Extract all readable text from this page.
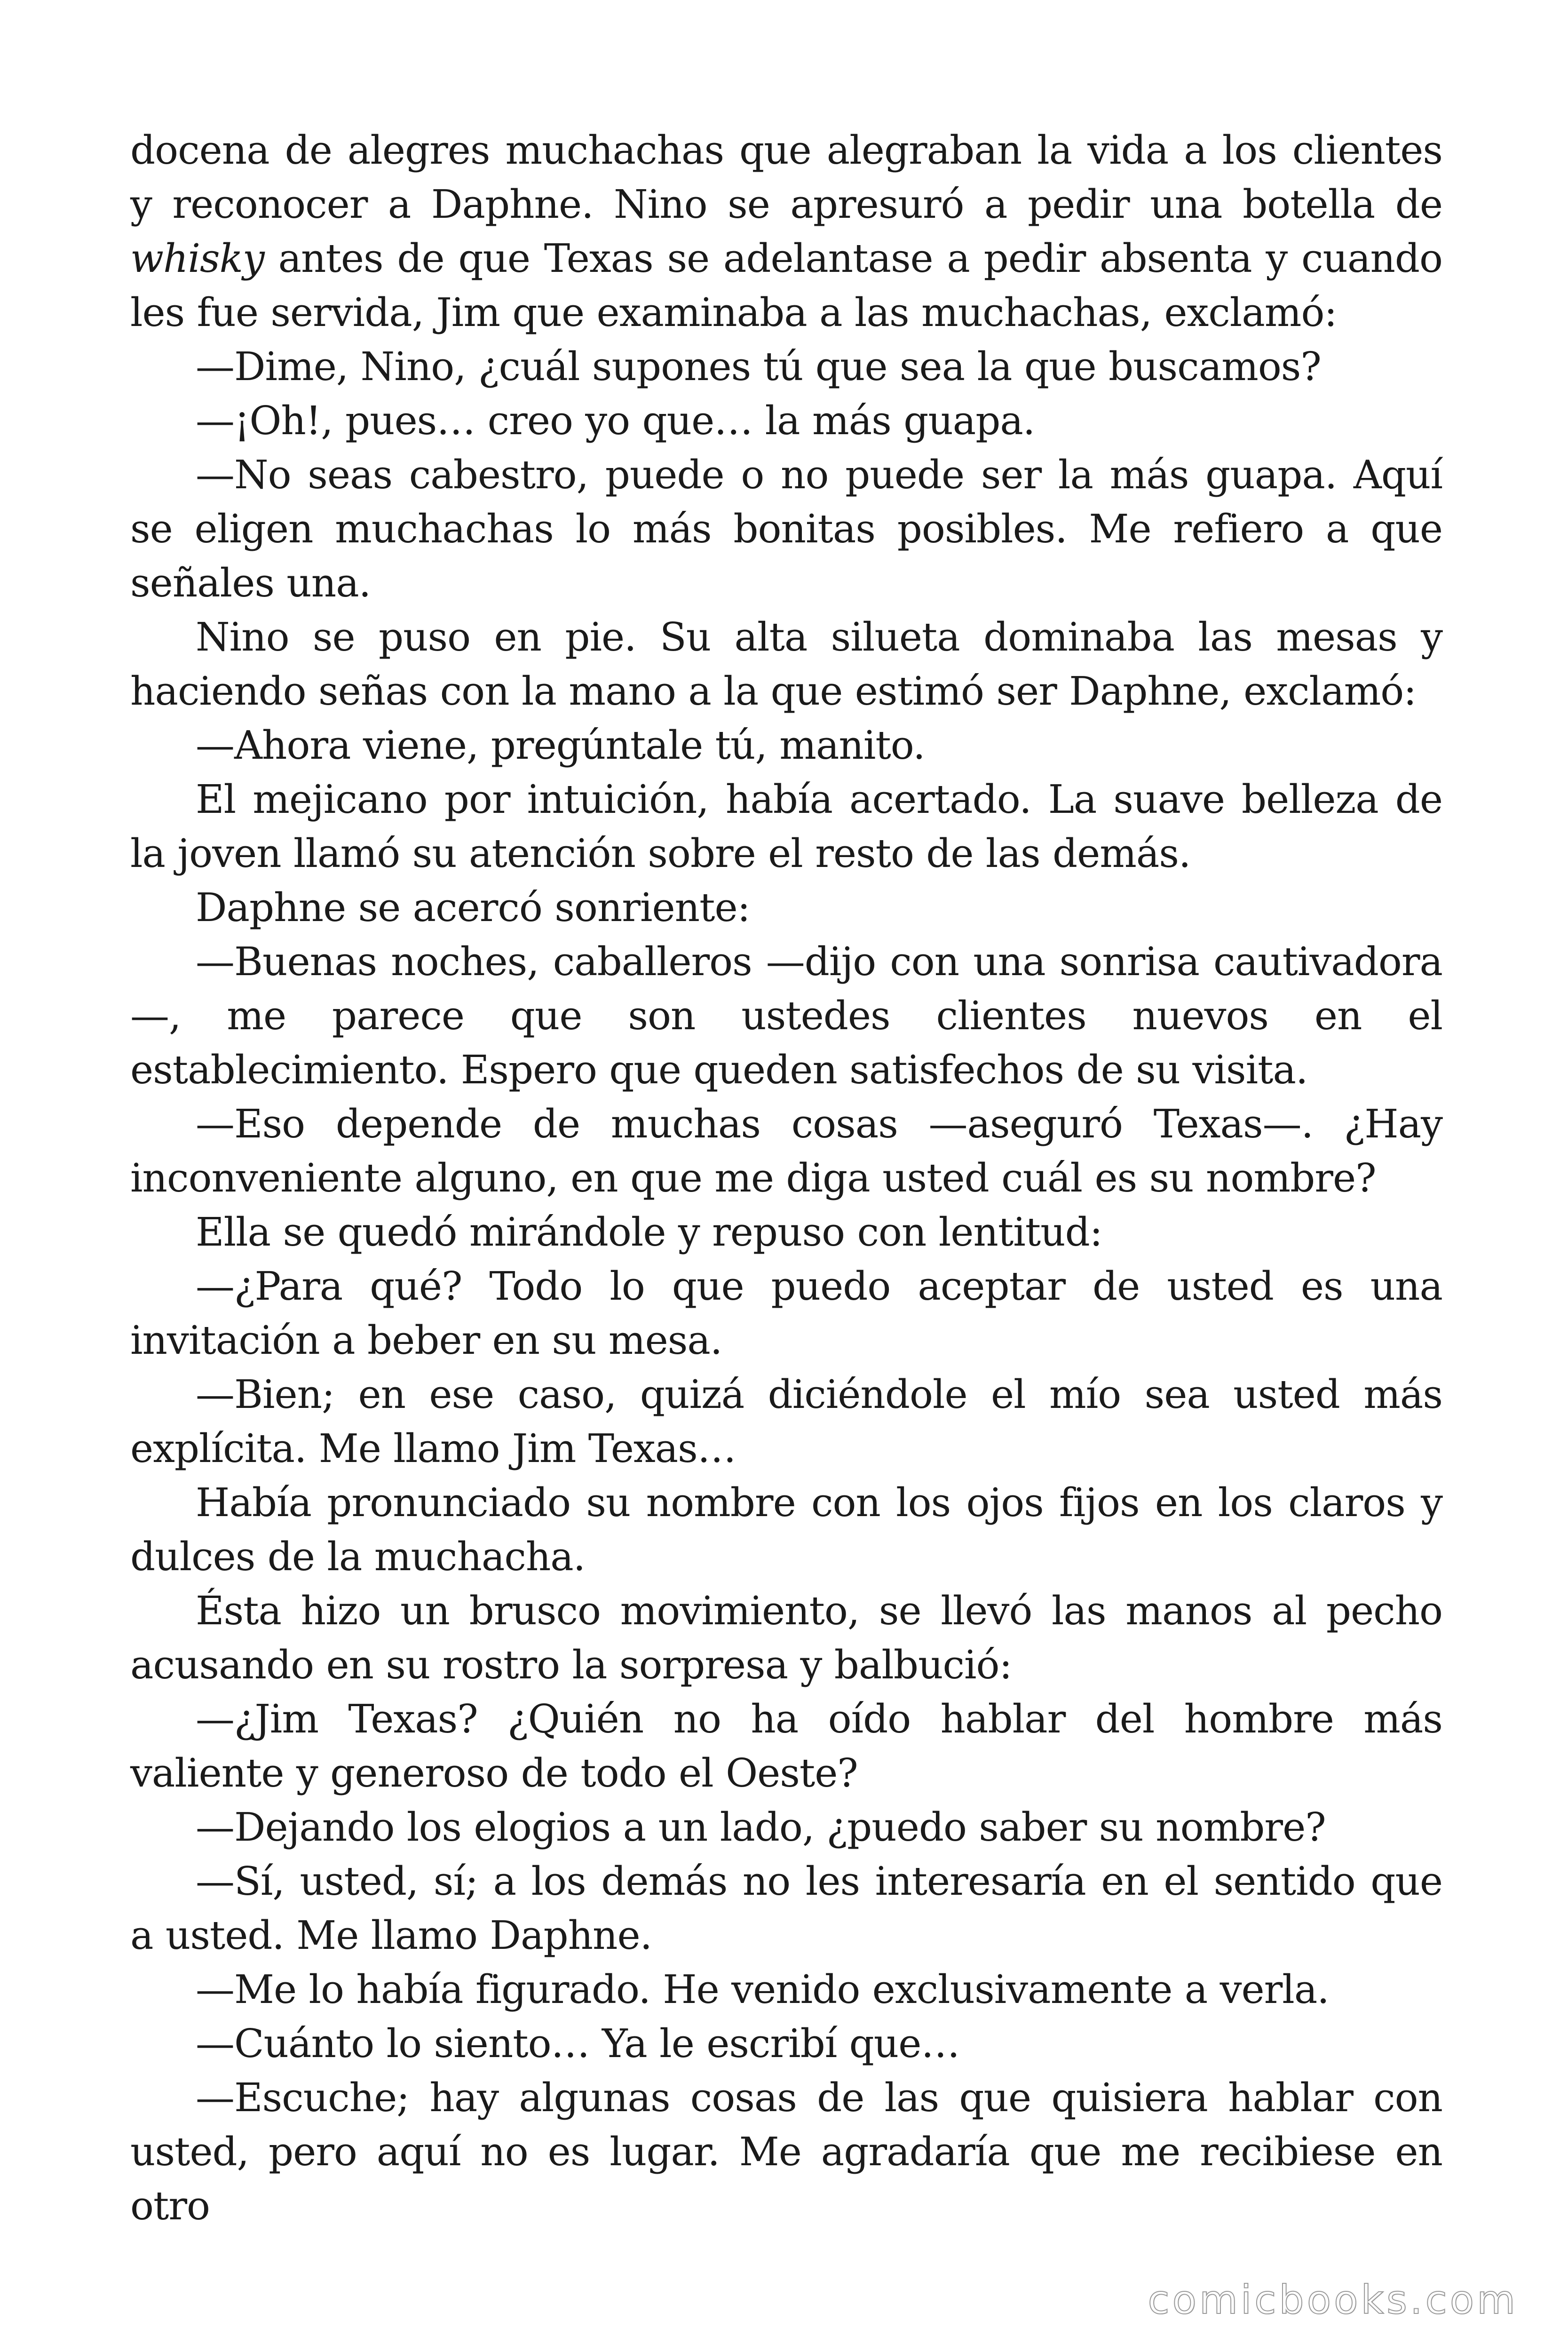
docena de alegres muchachas que alegraban la vida a los clientes y reconocer a Daphne. Nino se apresuró a pedir una botella de whisky antes de que Texas se adelantase a pedir absenta y cuando les fue servida, Jim que examinaba a las muchachas, exclamó:

—Dime, Nino, ¿cuál supones tú que sea la que buscamos?

—¡Oh!, pues… creo yo que… la más guapa.

—No seas cabestro, puede o no puede ser la más guapa. Aquí se eligen muchachas lo más bonitas posibles. Me refiero a que señales una.

Nino se puso en pie. Su alta silueta dominaba las mesas y haciendo señas con la mano a la que estimó ser Daphne, exclamó:

—Ahora viene, pregúntale tú, manito.

El mejicano por intuición, había acertado. La suave belleza de la joven llamó su atención sobre el resto de las demás.

Daphne se acercó sonriente:

—Buenas noches, caballeros —dijo con una sonrisa cautivadora —, me parece que son ustedes clientes nuevos en el establecimiento. Espero que queden satisfechos de su visita.

—Eso depende de muchas cosas —aseguró Texas—. ¿Hay inconveniente alguno, en que me diga usted cuál es su nombre?

Ella se quedó mirándole y repuso con lentitud:

—¿Para qué? Todo lo que puedo aceptar de usted es una invitación a beber en su mesa.

—Bien; en ese caso, quizá diciéndole el mío sea usted más explícita. Me llamo Jim Texas…

Había pronunciado su nombre con los ojos fijos en los claros y dulces de la muchacha.

Ésta hizo un brusco movimiento, se llevó las manos al pecho acusando en su rostro la sorpresa y balbució:

—¿Jim Texas? ¿Quién no ha oído hablar del hombre más valiente y generoso de todo el Oeste?

—Dejando los elogios a un lado, ¿puedo saber su nombre?

—Sí, usted, sí; a los demás no les interesaría en el sentido que a usted. Me llamo Daphne.

—Me lo había figurado. He venido exclusivamente a verla.

—Cuánto lo siento… Ya le escribí que…

—Escuche; hay algunas cosas de las que quisiera hablar con usted, pero aquí no es lugar. Me agradaría que me recibiese en otro

comicbooks.com
